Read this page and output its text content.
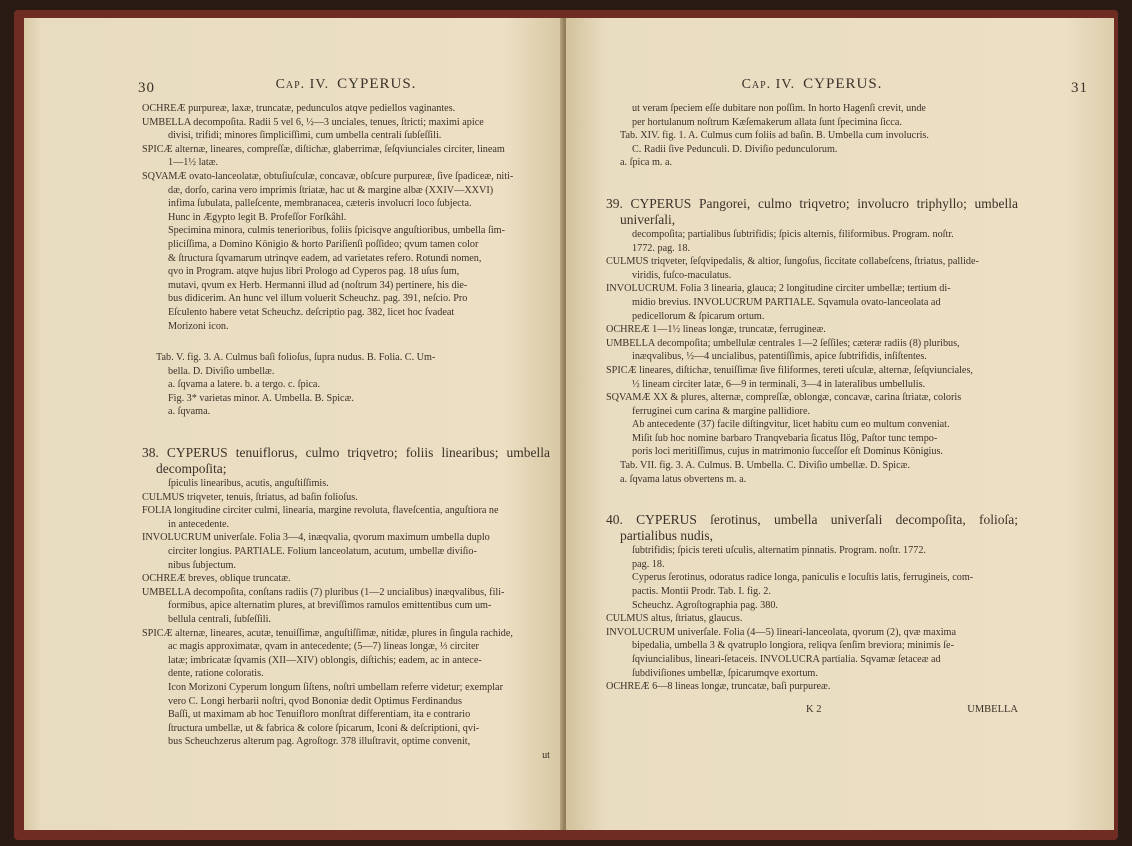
30	Cap. IV. CYPERUS.

OCHREÆ purpureæ, laxæ, truncatæ, pedunculos atqve pediellos vaginantes.

UMBELLA decompoſita. Radii 5 vel 6, ½—3 unciales, tenues, ſtricti; maximi apice

divisi, trifidi; minores ſimpliciſſimi, cum umbella centrali ſubſeſſili.

SPICÆ alternæ, lineares, compreſſæ, diſtichæ, glaberrimæ, ſeſqviunciales circiter, lineam

1—1½ latæ.

SQVAMÆ ovato-lanceolatæ, obtuſiuſculæ, concavæ, obſcure purpureæ, ſive ſpadiceæ, niti-

dæ, dorſo, carina vero imprimis ſtriatæ, hac ut & margine albæ (XXIV—XXVI)

infima ſubulata, palleſcente, membranacea, cæteris involucri loco ſubjecta.

Hunc in Ægypto legit B. Profeſſor Forſkåhl.

Specimina minora, culmis tenerioribus, foliis ſpicisqve anguſtioribus, umbella ſim-

pliciſſima, a Domino Königio & horto Pariſienſi poſſideo; qvum tamen color

& ſtructura ſqvamarum utrinqve eadem, ad varietates refero. Rotundi nomen,

qvo in Program. atqve hujus libri Prologo ad Cyperos pag. 18 uſus ſum,

mutavi, qvum ex Herb. Hermanni illud ad (noſtrum 34) pertinere, his die-

bus didicerim. An hunc vel illum voluerit Scheuchz. pag. 391, neſcio. Pro

Eſculento habere vetat Scheuchz. deſcriptio pag. 382, licet hoc ſvadeat

Morizoni icon.

Tab. V. fig. 3. A. Culmus baſi folioſus, ſupra nudus. B. Folia. C. Um-

bella. D. Diviſio umbellæ.

a. ſqvama a latere. b. a tergo. c. ſpica.

Fig. 3* varietas minor. A. Umbella. B. Spicæ.

a. ſqvama.

38. CYPERUS tenuiflorus, culmo triqvetro; foliis linearibus; umbella decompoſita;

ſpiculis linearibus, acutis, anguſtiſſimis.

CULMUS triqveter, tenuis, ſtriatus, ad baſin folioſus.

FOLIA longitudine circiter culmi, linearia, margine revoluta, flaveſcentia, anguſtiora ne

in antecedente.

INVOLUCRUM univerſale. Folia 3—4, inæqvalia, qvorum maximum umbella duplo

circiter longius. PARTIALE. Folium lanceolatum, acutum, umbellæ diviſio-

nibus ſubjectum.

OCHREÆ breves, oblique truncatæ.

UMBELLA decompoſita, conſtans radiis (7) pluribus (1—2 uncialibus) inæqvalibus, fili-

formibus, apice alternatim plures, at breviſſimos ramulos emittentibus cum um-

bellula centrali, ſubſeſſili.

SPICÆ alternæ, lineares, acutæ, tenuiſſimæ, anguſtiſſimæ, nitidæ, plures in ſingula rachide,

ac magis approximatæ, qvam in antecedente; (5—7) lineas longæ, ⅓ circiter

latæ; imbricatæ ſqvamis (XII—XIV) oblongis, diſtichis; eadem, ac in antece-

dente, ratione coloratis.

Icon Morizoni Cyperum longum ſiſtens, noſtri umbellam referre videtur; exemplar

vero C. Longi herbarii noſtri, qvod Bononiæ dedit Optimus Ferdinandus

Baſſi, ut maximam ab hoc Tenuifloro monſtrat differentiam, ita e contrario

ſtructura umbellæ, ut & fabrica & colore ſpicarum, Iconi & deſcriptioni, qvi-

bus Scheuchzerus alterum pag. Agroſtogr. 378 illuſtravit, optime convenit,

ut

Cap. IV. CYPERUS.	31

ut veram ſpeciem eſſe dubitare non poſſim. In horto Hagenſi crevit, unde

per hortulanum noſtrum Kæſemakerum allata ſunt ſpecimina ſicca.

Tab. XIV. fig. 1. A. Culmus cum foliis ad baſin. B. Umbella cum involucris.

C. Radii ſive Pedunculi. D. Diviſio pedunculorum.

a. ſpica m. a.

39. CYPERUS Pangorei, culmo triqvetro; involucro triphyllo; umbella univerſali,

decompoſita; partialibus ſubtrifidis; ſpicis alternis, filiformibus. Program. noſtr.

1772. pag. 18.

CULMUS triqveter, ſeſqvipedalis, & altior, ſungoſus, ſiccitate collabeſcens, ſtriatus, pallide-

viridis, fuſco-maculatus.

INVOLUCRUM. Folia 3 linearia, glauca; 2 longitudine circiter umbellæ; tertium di-

midio brevius. INVOLUCRUM PARTIALE. Sqvamula ovato-lanceolata ad

pedicellorum & ſpicarum ortum.

OCHREÆ 1—1½ lineas longæ, truncatæ, ferrugineæ.

UMBELLA decompoſita; umbellulæ centrales 1—2 ſeſſiles; cæteræ radiis (8) pluribus,

inæqvalibus, ½—4 uncialibus, patentiſſimis, apice ſubtrifidis, inſiſtentes.

SPICÆ lineares, diſtichæ, tenuiſſimæ ſive filiformes, tereti uſculæ, alternæ, ſeſqviunciales,

½ lineam circiter latæ, 6—9 in terminali, 3—4 in lateralibus umbellulis.

SQVAMÆ XX & plures, alternæ, compreſſæ, oblongæ, concavæ, carina ſtriatæ, coloris

ferruginei cum carina & margine pallidiore.

Ab antecedente (37) facile diſtingvitur, licet habitu cum eo multum conveniat.

Miſit ſub hoc nomine barbaro Tranqvebaria ſicatus Ilög, Paſtor tunc tempo-

poris loci meritiſſimus, cujus in matrimonio ſucceſſor eſt Dominus Königius.

Tab. VII. fig. 3. A. Culmus. B. Umbella. C. Diviſio umbellæ. D. Spicæ.

a. ſqvama latus obvertens m. a.

40. CYPERUS ſerotinus, umbella univerſali decompoſita, folioſa; partialibus nudis,

ſubtrifidis; ſpicis tereti uſculis, alternatim pinnatis. Program. noſtr. 1772.

pag. 18.

Cyperus ſerotinus, odoratus radice longa, paniculis e locuſtis latis, ferrugineis, com-

pactis. Montii Prodr. Tab. I. fig. 2.

Scheuchz. Agroſtographia pag. 380.

CULMUS altus, ſtriatus, glaucus.

INVOLUCRUM univerſale. Folia (4—5) lineari-lanceolata, qvorum (2), qvæ maxima

bipedalia, umbella 3 & qvatruplo longiora, reliqva ſenſim breviora; minimis ſe-

ſqviuncialibus, lineari-ſetaceis. INVOLUCRA partialia. Sqvamæ ſetaceæ ad

ſubdiviſiones umbellæ, ſpicarumqve exortum.

OCHREÆ 6—8 lineas longæ, truncatæ, baſi purpureæ.

K 2	UMBELLA
